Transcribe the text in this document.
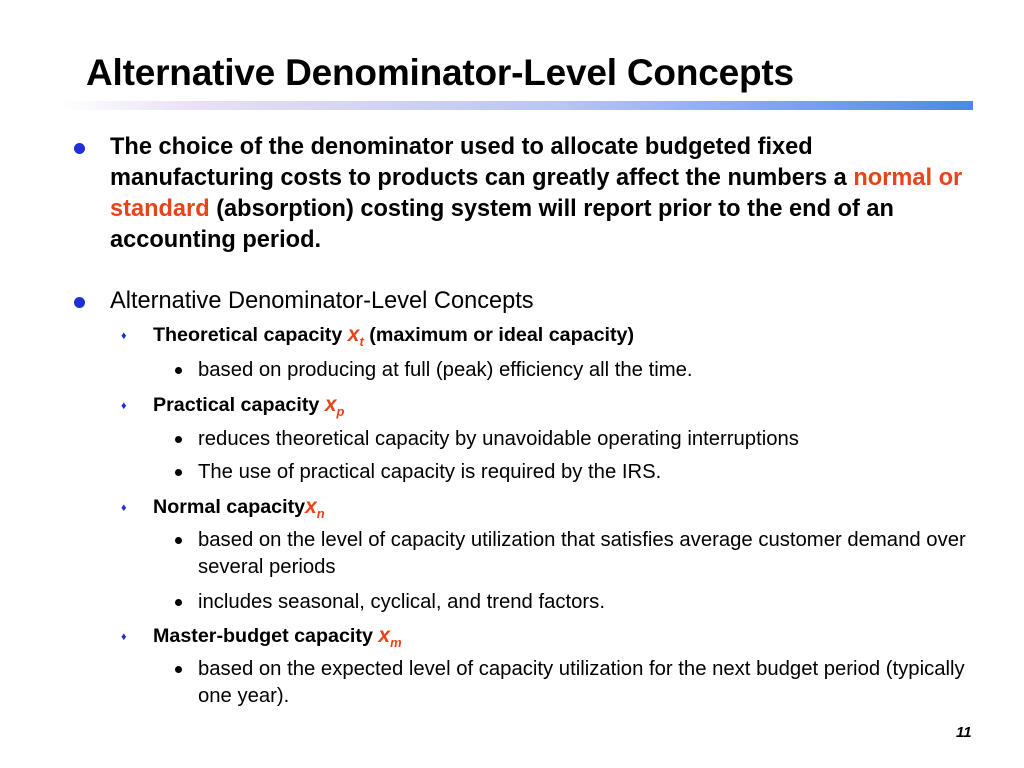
Alternative Denominator-Level Concepts
The choice of the denominator used to allocate budgeted fixed manufacturing costs to products can greatly affect the numbers a normal or standard (absorption) costing system will report prior to the end of an accounting period.
Alternative Denominator-Level Concepts
♦ Theoretical capacity $x_t$ (maximum or ideal capacity)
based on producing at full (peak) efficiency all the time.
♦ Practical capacity $x_p$
reduces theoretical capacity by unavoidable operating interruptions
The use of practical capacity is required by the IRS.
♦ Normal capacityx$_n$
based on the level of capacity utilization that satisfies average customer demand over several periods
includes seasonal, cyclical, and trend factors.
♦ Master-budget capacity $x_m$
based on the expected level of capacity utilization for the next budget period (typically one year).
11
